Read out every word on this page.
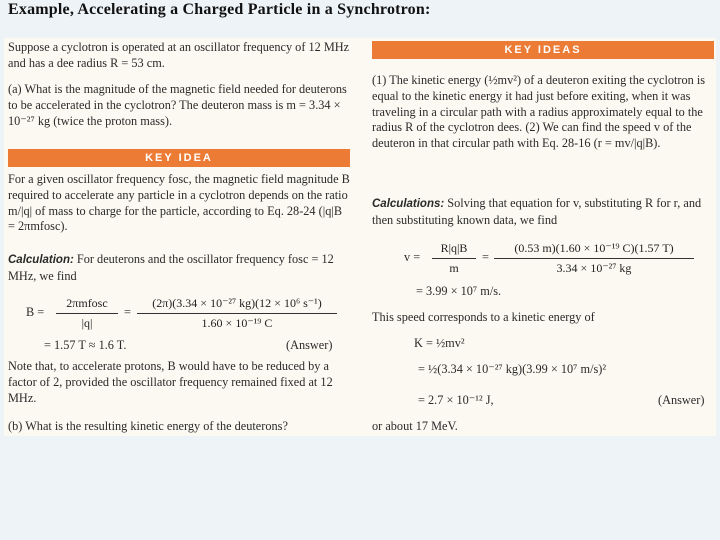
Example, Accelerating a Charged Particle in a Synchrotron:

Suppose a cyclotron is operated at an oscillator frequency of 12 MHz and has a dee radius R = 53 cm.

(a) What is the magnitude of the magnetic field needed for deuterons to be accelerated in the cyclotron? The deuteron mass is m = 3.34 × 10⁻²⁷ kg (twice the proton mass).

KEY IDEA

For a given oscillator frequency fosc, the magnetic field magnitude B required to accelerate any particle in a cyclotron depends on the ratio m/|q| of mass to charge for the particle, according to Eq. 28-24 (|q|B = 2πmfosc).

Calculation: For deuterons and the oscillator frequency fosc = 12 MHz, we find

B =
2πmfosc
|q|
=
(2π)(3.34 × 10⁻²⁷ kg)(12 × 10⁶ s⁻¹)
1.60 × 10⁻¹⁹ C
= 1.57 T ≈ 1.6 T.	(Answer)

Note that, to accelerate protons, B would have to be reduced by a factor of 2, provided the oscillator frequency remained fixed at 12 MHz.

(b) What is the resulting kinetic energy of the deuterons?

KEY IDEAS

(1) The kinetic energy (½mv²) of a deuteron exiting the cyclotron is equal to the kinetic energy it had just before exiting, when it was traveling in a circular path with a radius approximately equal to the radius R of the cyclotron dees. (2) We can find the speed v of the deuteron in that circular path with Eq. 28-16 (r = mv/|q|B).

Calculations: Solving that equation for v, substituting R for r, and then substituting known data, we find

v =
R|q|B
m
=
(0.53 m)(1.60 × 10⁻¹⁹ C)(1.57 T)
3.34 × 10⁻²⁷ kg
= 3.99 × 10⁷ m/s.

This speed corresponds to a kinetic energy of

K = ½mv²
= ½(3.34 × 10⁻²⁷ kg)(3.99 × 10⁷ m/s)²
= 2.7 × 10⁻¹² J,	(Answer)

or about 17 MeV.
